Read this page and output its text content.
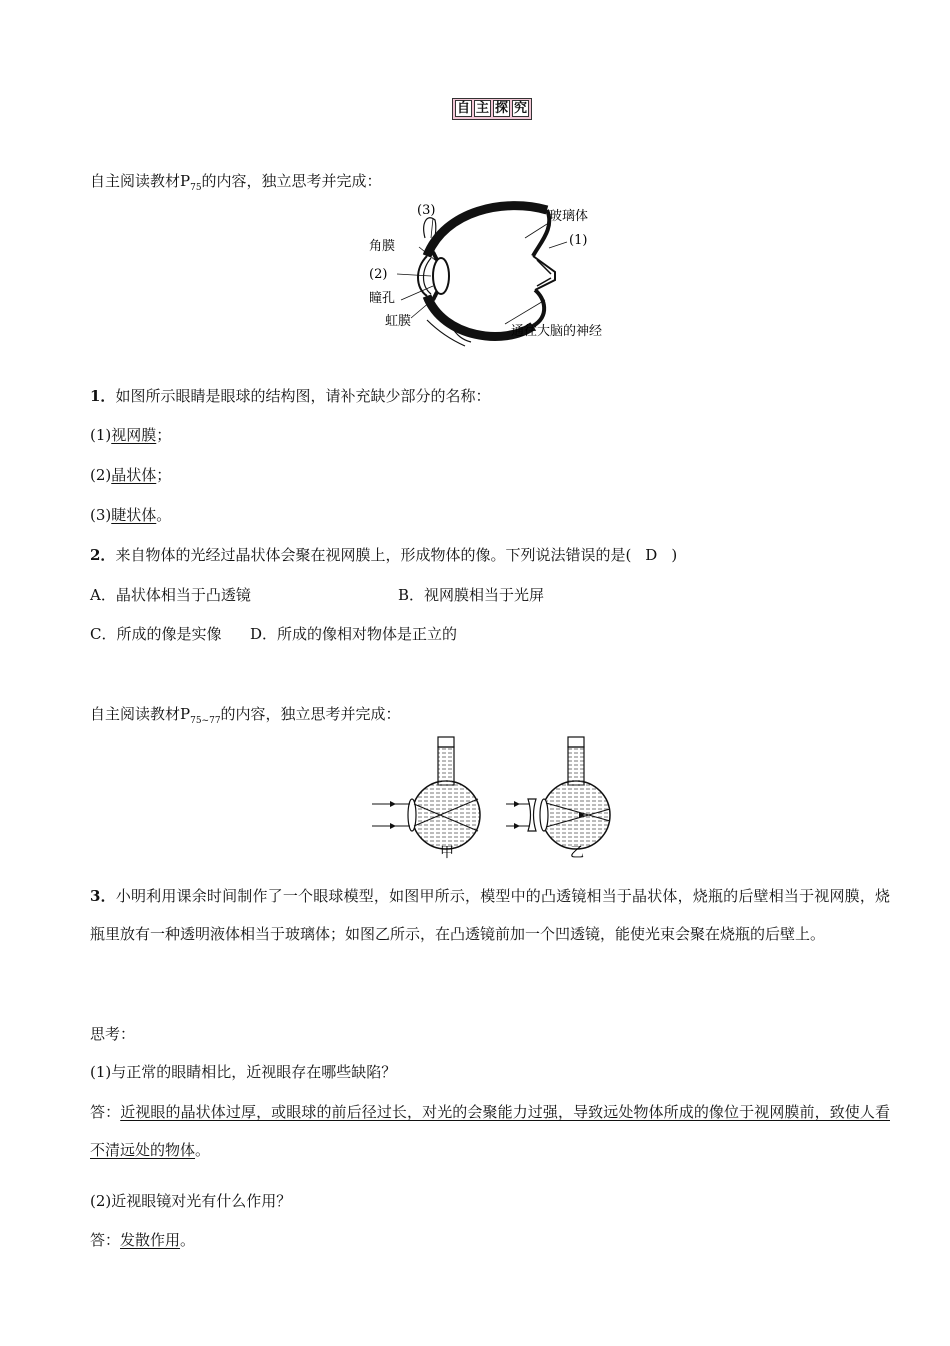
自 主 探 究
自主阅读教材$P_{75}$的内容，独立思考并完成：
(3)	玻璃体
(1)
角膜
(2)
瞳孔
虹膜
通往大脑的神经
1．如图所示眼睛是眼球的结构图，请补充缺少部分的名称：
(1)视网膜；
(2)晶状体；
(3)睫状体。
2．来自物体的光经过晶状体会聚在视网膜上，形成物体的像。下列说法错误的是( D )
A．晶状体相当于凸透镜	B．视网膜相当于光屏
C．所成的像是实像 D．所成的像相对物体是正立的
自主阅读教材$P_{75\sim 77}$的内容，独立思考并完成：
甲	乙
3．小明利用课余时间制作了一个眼球模型，如图甲所示，模型中的凸透镜相当于晶状体，烧瓶的后壁相当于视网膜，烧瓶里放有一种透明液体相当于玻璃体；如图乙所示，在凸透镜前加一个凹透镜，能使光束会聚在烧瓶的后壁上。
思考：
(1)与正常的眼睛相比，近视眼存在哪些缺陷？
答：近视眼的晶状体过厚，或眼球的前后径过长，对光的会聚能力过强，导致远处物体所成的像位于视网膜前，致使人看不清远处的物体。
(2)近视眼镜对光有什么作用？
答：发散作用。
